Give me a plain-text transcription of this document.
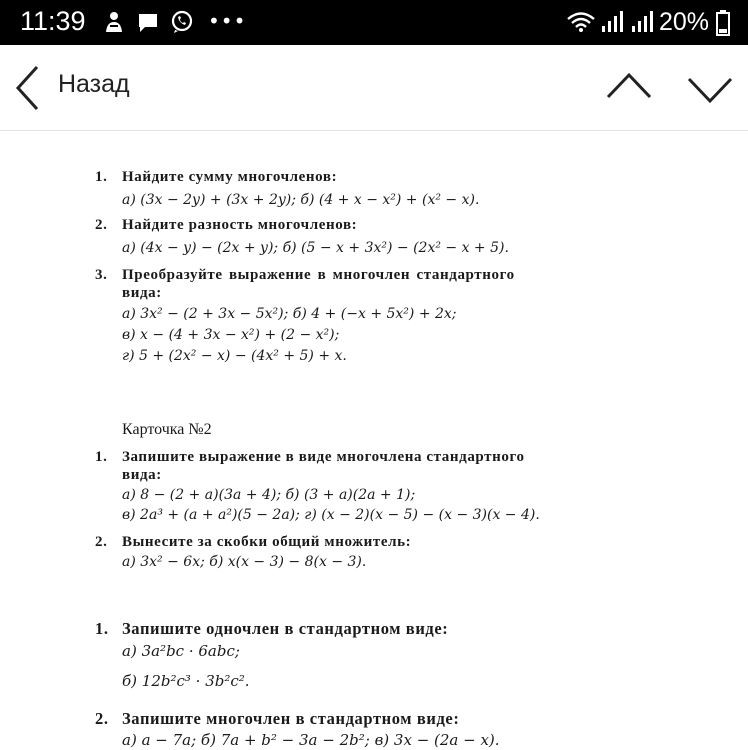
11:39	•••	20%
Назад
1. Найдите сумму многочленов:
а) (3x − 2y) + (3x + 2y); б) (4 + x − x²) + (x² − x).
2. Найдите разность многочленов:
а) (4x − y) − (2x + y); б) (5 − x + 3x²) − (2x² − x + 5).
3. Преобразуйте выражение в многочлен стандартного
вида:
а) 3x² − (2 + 3x − 5x²); б) 4 + (−x + 5x²) + 2x;
в) x − (4 + 3x − x²) + (2 − x²);
г) 5 + (2x² − x) − (4x² + 5) + x.
Карточка №2
1. Запишите выражение в виде многочлена стандартного
вида:
а) 8 − (2 + a)(3a + 4); б) (3 + a)(2a + 1);
в) 2a³ + (a + a²)(5 − 2a); г) (x − 2)(x − 5) − (x − 3)(x − 4).
2. Вынесите за скобки общий множитель:
а) 3x² − 6x; б) x(x − 3) − 8(x − 3).
1. Запишите одночлен в стандартном виде:
а) 3a²bc · 6abc;
б) 12b²c³ · 3b²c².
2. Запишите многочлен в стандартном виде:
а) a − 7a; б) 7a + b² − 3a − 2b²; в) 3x − (2a − x).
